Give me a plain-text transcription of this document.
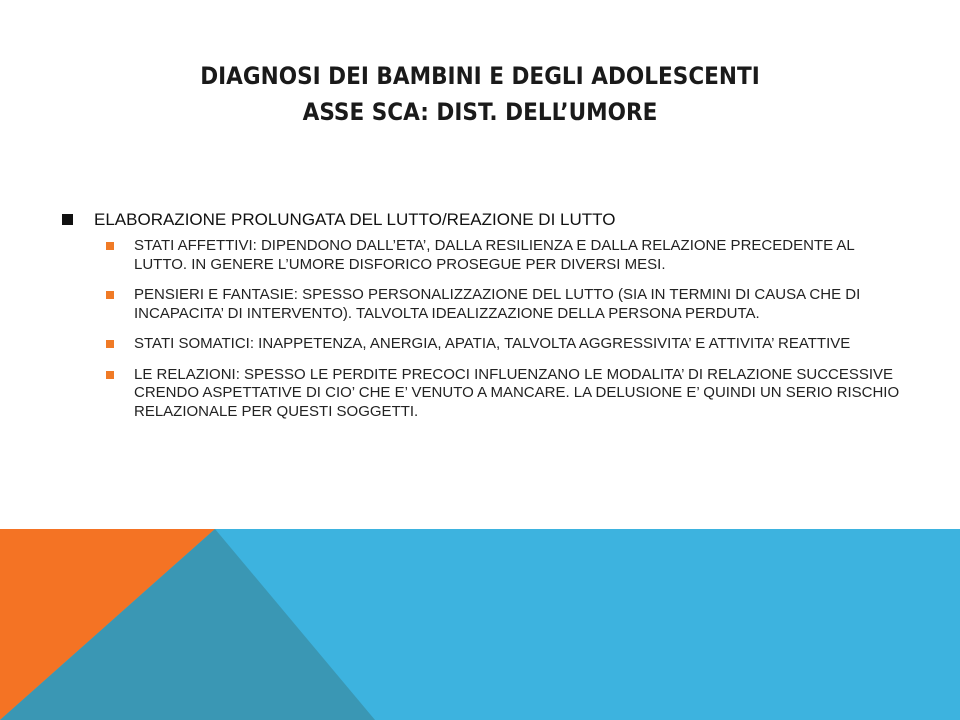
DIAGNOSI DEI BAMBINI E DEGLI ADOLESCENTI
ASSE SCA: DIST. DELL’UMORE
ELABORAZIONE PROLUNGATA DEL LUTTO/REAZIONE DI LUTTO
STATI AFFETTIVI: DIPENDONO DALL’ETA’, DALLA RESILIENZA E DALLA RELAZIONE PRECEDENTE AL LUTTO. IN GENERE L’UMORE DISFORICO PROSEGUE PER DIVERSI MESI.
PENSIERI E FANTASIE: SPESSO PERSONALIZZAZIONE DEL LUTTO (SIA IN TERMINI DI CAUSA CHE DI INCAPACITA’ DI INTERVENTO). TALVOLTA IDEALIZZAZIONE DELLA PERSONA PERDUTA.
STATI SOMATICI: INAPPETENZA, ANERGIA, APATIA, TALVOLTA AGGRESSIVITA’ E ATTIVITA’ REATTIVE
LE RELAZIONI: SPESSO LE PERDITE PRECOCI INFLUENZANO LE MODALITA’ DI RELAZIONE SUCCESSIVE CRENDO ASPETTATIVE DI CIO’ CHE E’ VENUTO A MANCARE. LA DELUSIONE E’ QUINDI UN SERIO RISCHIO RELAZIONALE PER QUESTI SOGGETTI.
